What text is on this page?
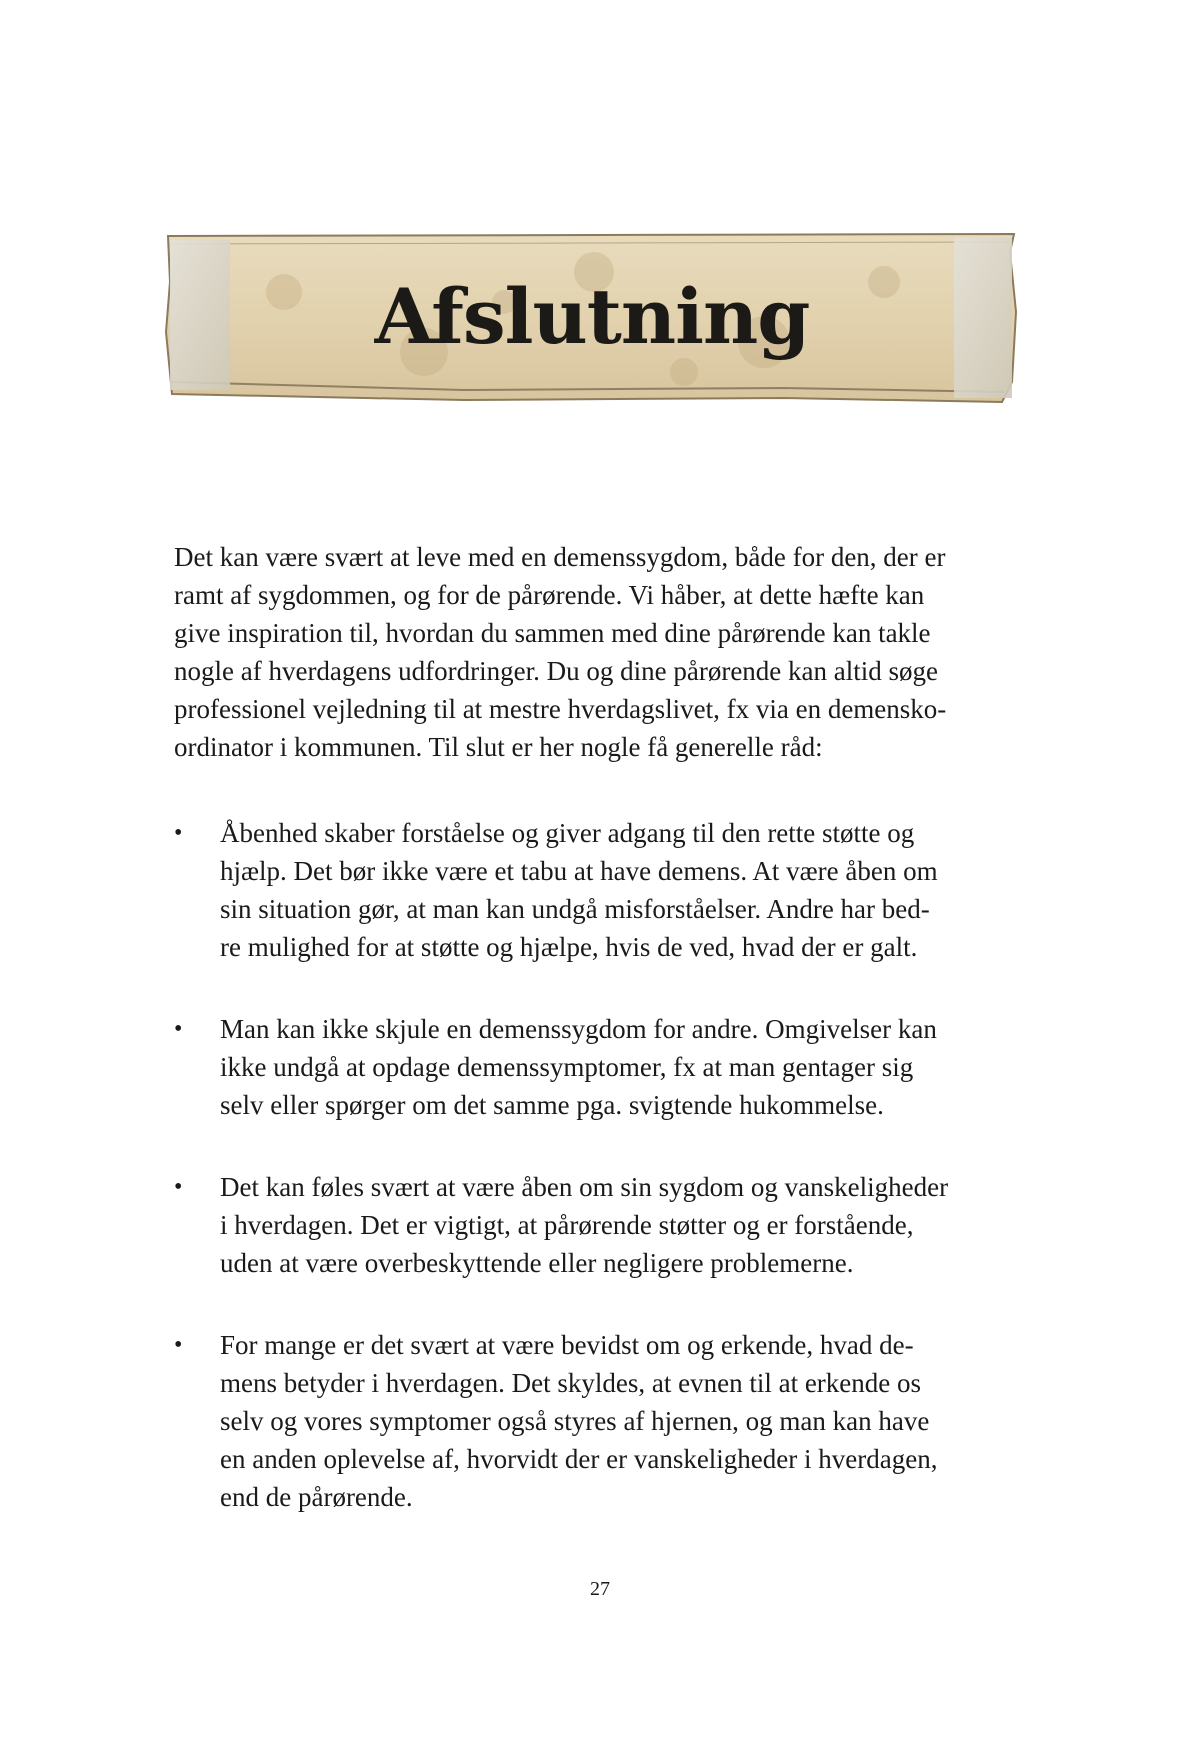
Afslutning

Det kan være svært at leve med en demenssygdom, både for den, der er
ramt af sygdommen, og for de pårørende. Vi håber, at dette hæfte kan
give inspiration til, hvordan du sammen med dine pårørende kan takle
nogle af hverdagens udfordringer. Du og dine pårørende kan altid søge
professionel vejledning til at mestre hverdagslivet, fx via en demensko-
ordinator i kommunen. Til slut er her nogle få generelle råd:

• Åbenhed skaber forståelse og giver adgang til den rette støtte og
hjælp. Det bør ikke være et tabu at have demens. At være åben om
sin situation gør, at man kan undgå misforståelser. Andre har bed-
re mulighed for at støtte og hjælpe, hvis de ved, hvad der er galt.
• Man kan ikke skjule en demenssygdom for andre. Omgivelser kan
ikke undgå at opdage demenssymptomer, fx at man gentager sig
selv eller spørger om det samme pga. svigtende hukommelse.
• Det kan føles svært at være åben om sin sygdom og vanskeligheder
i hverdagen. Det er vigtigt, at pårørende støtter og er forstående,
uden at være overbeskyttende eller negligere problemerne.
• For mange er det svært at være bevidst om og erkende, hvad de-
mens betyder i hverdagen. Det skyldes, at evnen til at erkende os
selv og vores symptomer også styres af hjernen, og man kan have
en anden oplevelse af, hvorvidt der er vanskeligheder i hverdagen,
end de pårørende.
27
